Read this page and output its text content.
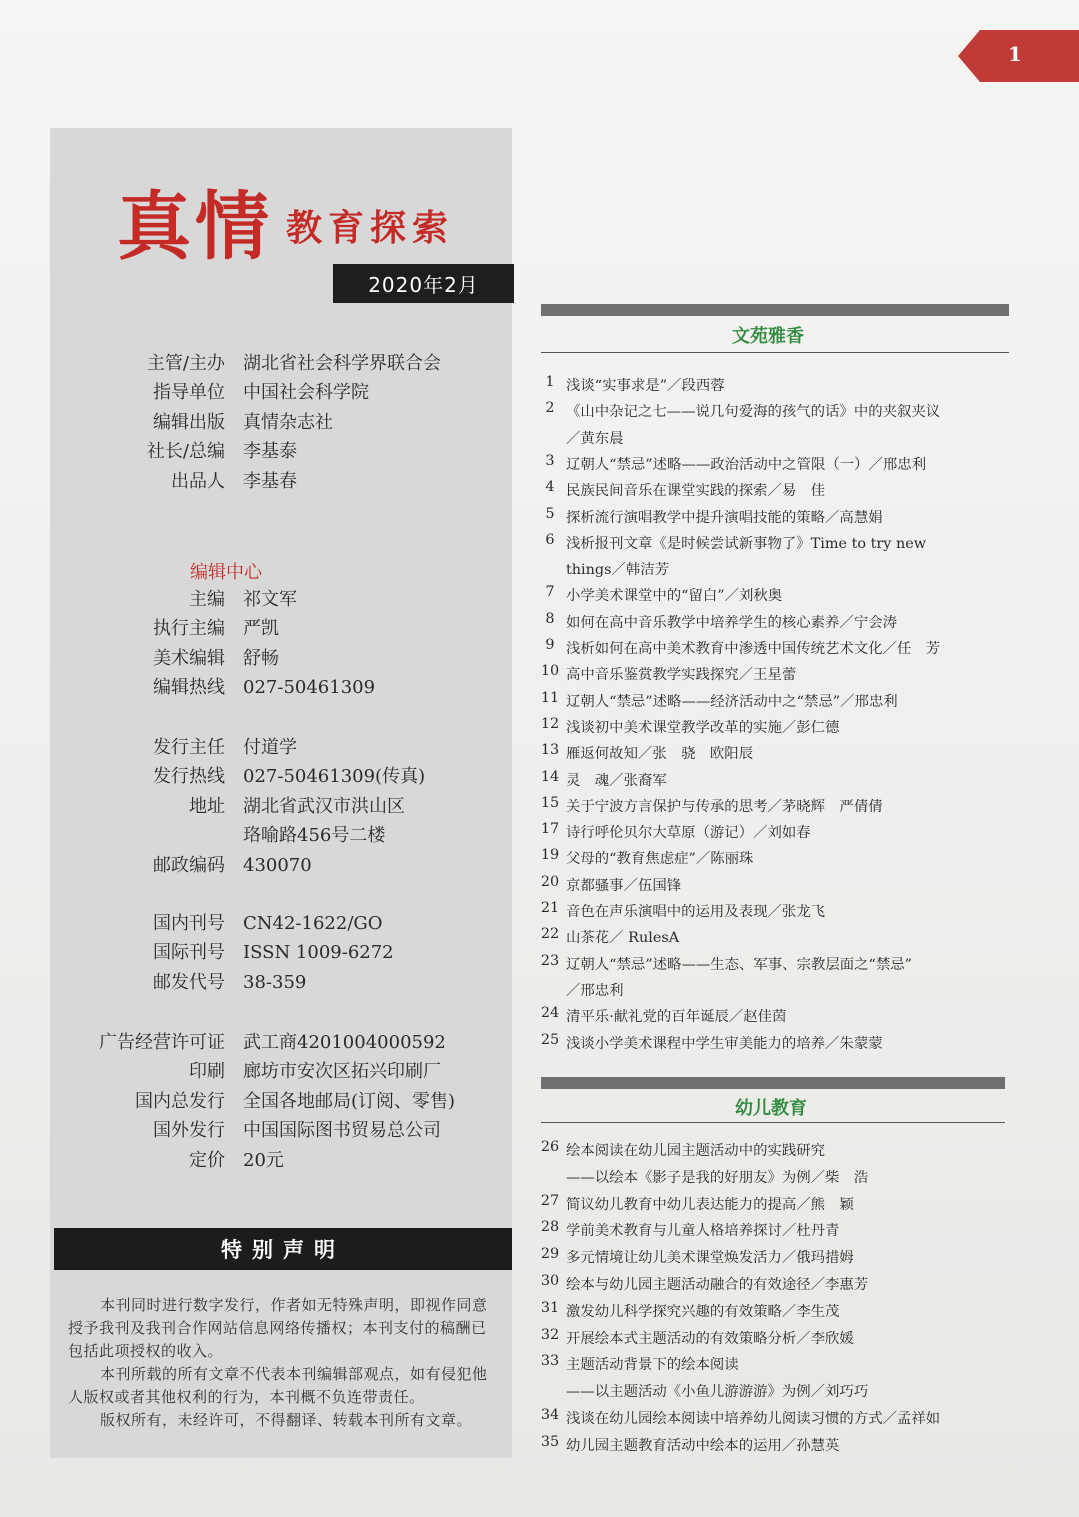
1
真情 教育探索
2020年2月
主管/主办 湖北省社会科学界联合会
指导单位 中国社会科学院
编辑出版 真情杂志社
社长/总编 李基泰
出品人 李基春
编辑中心
主编 祁文军
执行主编 严凯
美术编辑 舒畅
编辑热线 027-50461309
发行主任 付道学
发行热线 027-50461309(传真)
地址 湖北省武汉市洪山区
珞喻路456号二楼
邮政编码 430070
国内刊号 CN42-1622/GO
国际刊号 ISSN 1009-6272
邮发代号 38-359
广告经营许可证 武工商4201004000592
印刷 廊坊市安次区拓兴印刷厂
国内总发行 全国各地邮局(订阅、零售)
国外发行 中国国际图书贸易总公司
定价 20元
特别声明

本刊同时进行数字发行，作者如无特殊声明，即视作同意授予我刊及我刊合作网站信息网络传播权；本刊支付的稿酬已包括此项授权的收入。

本刊所载的所有文章不代表本刊编辑部观点，如有侵犯他人版权或者其他权利的行为，本刊概不负连带责任。

版权所有，未经许可，不得翻译、转载本刊所有文章。

文苑雅香
1 浅谈“实事求是”／段西蓉
2 《山中杂记之七——说几句爱海的孩气的话》中的夹叙夹议
／黄东晨
3 辽朝人“禁忌”述略——政治活动中之管限（一）／邢忠利
4 民族民间音乐在课堂实践的探索／易　佳
5 探析流行演唱教学中提升演唱技能的策略／高慧娟
6 浅析报刊文章《是时候尝试新事物了》Time to try new
things／韩洁芳
7 小学美术课堂中的“留白”／刘秋奥
8 如何在高中音乐教学中培养学生的核心素养／宁会涛
9 浅析如何在高中美术教育中渗透中国传统艺术文化／任　芳
10 高中音乐鉴赏教学实践探究／王星蕾
11 辽朝人“禁忌”述略——经济活动中之“禁忌”／邢忠利
12 浅谈初中美术课堂教学改革的实施／彭仁德
13 雁返何故知／张　骁　欧阳辰
14 灵　魂／张裔军
15 关于宁波方言保护与传承的思考／茅晓辉　严倩倩
17 诗行呼伦贝尔大草原（游记）／刘如春
19 父母的“教育焦虑症”／陈丽珠
20 京都骚事／伍国锋
21 音色在声乐演唱中的运用及表现／张龙飞
22 山茶花／ RulesA
23 辽朝人“禁忌”述略——生态、军事、宗教层面之“禁忌”
／邢忠利
24 清平乐·献礼党的百年诞辰／赵佳茵
25 浅谈小学美术课程中学生审美能力的培养／朱蒙蒙
幼儿教育
26 绘本阅读在幼儿园主题活动中的实践研究
——以绘本《影子是我的好朋友》为例／柴　浩
27 简议幼儿教育中幼儿表达能力的提高／熊　颖
28 学前美术教育与儿童人格培养探讨／杜丹青
29 多元情境让幼儿美术课堂焕发活力／俄玛措姆
30 绘本与幼儿园主题活动融合的有效途径／李惠芳
31 激发幼儿科学探究兴趣的有效策略／李生茂
32 开展绘本式主题活动的有效策略分析／李欣媛
33 主题活动背景下的绘本阅读
——以主题活动《小鱼儿游游游》为例／刘巧巧
34 浅谈在幼儿园绘本阅读中培养幼儿阅读习惯的方式／孟祥如
35 幼儿园主题教育活动中绘本的运用／孙慧英
